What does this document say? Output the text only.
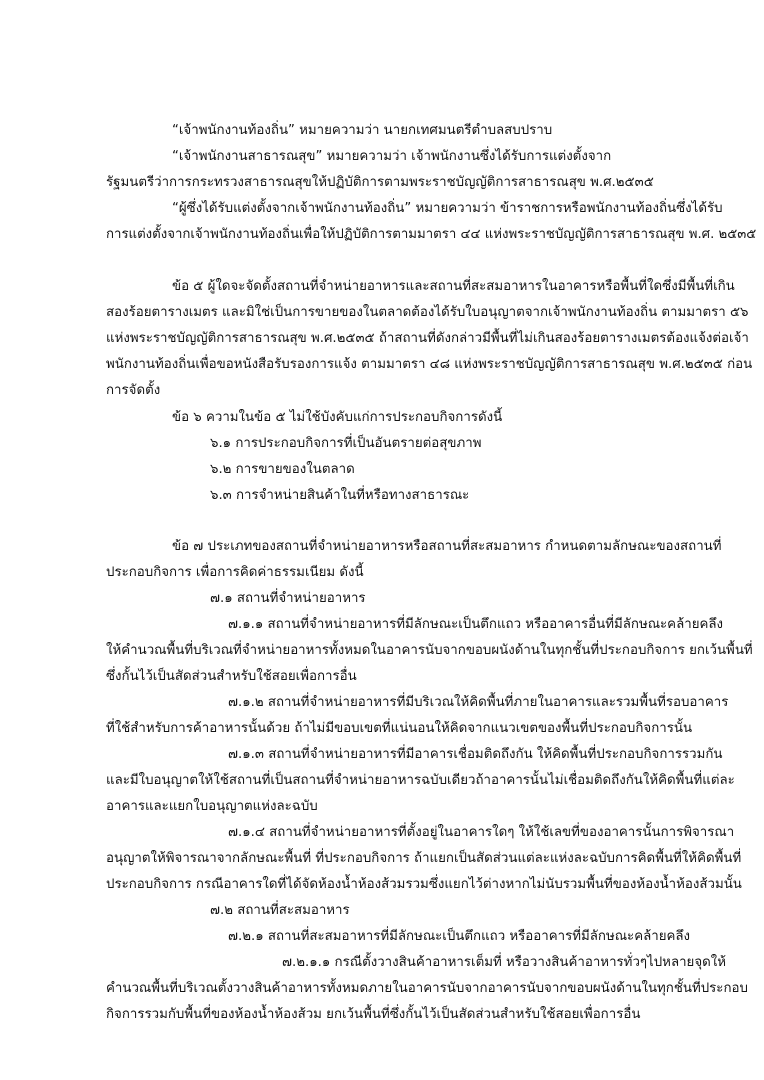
“เจ้าพนักงานท้องถิ่น” หมายความว่า นายกเทศมนตรีตำบลสบปราบ
“เจ้าพนักงานสาธารณสุข” หมายความว่า เจ้าพนักงานซึ่งได้รับการแต่งตั้งจาก
รัฐมนตรีว่าการกระทรวงสาธารณสุขให้ปฏิบัติการตามพระราชบัญญัติการสาธารณสุข พ.ศ.๒๕๓๕
“ผู้ซึ่งได้รับแต่งตั้งจากเจ้าพนักงานท้องถิ่น” หมายความว่า ข้าราชการหรือพนักงานท้องถิ่นซึ่งได้รับ
การแต่งตั้งจากเจ้าพนักงานท้องถิ่นเพื่อให้ปฏิบัติการตามมาตรา ๔๔ แห่งพระราชบัญญัติการสาธารณสุข พ.ศ. ๒๕๓๕
ข้อ ๕ ผู้ใดจะจัดตั้งสถานที่จำหน่ายอาหารและสถานที่สะสมอาหารในอาคารหรือพื้นที่ใดซึ่งมีพื้นที่เกิน
สองร้อยตารางเมตร และมิใช่เป็นการขายของในตลาดต้องได้รับใบอนุญาตจากเจ้าพนักงานท้องถิ่น ตามมาตรา ๕๖
แห่งพระราชบัญญัติการสาธารณสุข พ.ศ.๒๕๓๕ ถ้าสถานที่ดังกล่าวมีพื้นที่ไม่เกินสองร้อยตารางเมตรต้องแจ้งต่อเจ้า
พนักงานท้องถิ่นเพื่อขอหนังสือรับรองการแจ้ง ตามมาตรา ๔๘ แห่งพระราชบัญญัติการสาธารณสุข พ.ศ.๒๕๓๕ ก่อน
การจัดตั้ง
ข้อ ๖ ความในข้อ ๕ ไม่ใช้บังคับแก่การประกอบกิจการดังนี้
๖.๑ การประกอบกิจการที่เป็นอันตรายต่อสุขภาพ
๖.๒ การขายของในตลาด
๖.๓ การจำหน่ายสินค้าในที่หรือทางสาธารณะ
ข้อ ๗ ประเภทของสถานที่จำหน่ายอาหารหรือสถานที่สะสมอาหาร กำหนดตามลักษณะของสถานที่
ประกอบกิจการ เพื่อการคิดค่าธรรมเนียม ดังนี้
๗.๑ สถานที่จำหน่ายอาหาร
๗.๑.๑ สถานที่จำหน่ายอาหารที่มีลักษณะเป็นตึกแถว หรืออาคารอื่นที่มีลักษณะคล้ายคลึง
ให้คำนวณพื้นที่บริเวณที่จำหน่ายอาหารทั้งหมดในอาคารนับจากขอบผนังด้านในทุกชั้นที่ประกอบกิจการ ยกเว้นพื้นที่
ซึ่งกั้นไว้เป็นสัดส่วนสำหรับใช้สอยเพื่อการอื่น
๗.๑.๒ สถานที่จำหน่ายอาหารที่มีบริเวณให้คิดพื้นที่ภายในอาคารและรวมพื้นที่รอบอาคาร
ที่ใช้สำหรับการค้าอาหารนั้นด้วย ถ้าไม่มีขอบเขตที่แน่นอนให้คิดจากแนวเขตของพื้นที่ประกอบกิจการนั้น
๗.๑.๓ สถานที่จำหน่ายอาหารที่มีอาคารเชื่อมติดถึงกัน ให้คิดพื้นที่ประกอบกิจการรวมกัน
และมีใบอนุญาตให้ใช้สถานที่เป็นสถานที่จำหน่ายอาหารฉบับเดียวถ้าอาคารนั้นไม่เชื่อมติดถึงกันให้คิดพื้นที่แต่ละ
อาคารและแยกใบอนุญาตแห่งละฉบับ
๗.๑.๔ สถานที่จำหน่ายอาหารที่ตั้งอยู่ในอาคารใดๆ ให้ใช้เลขที่ของอาคารนั้นการพิจารณา
อนุญาตให้พิจารณาจากลักษณะพื้นที่ ที่ประกอบกิจการ ถ้าแยกเป็นสัดส่วนแต่ละแห่งละฉบับการคิดพื้นที่ให้คิดพื้นที่
ประกอบกิจการ กรณีอาคารใดที่ได้จัดห้องน้ำห้องส้วมรวมซึ่งแยกไว้ต่างหากไม่นับรวมพื้นที่ของห้องน้ำห้องส้วมนั้น
๗.๒ สถานที่สะสมอาหาร
๗.๒.๑ สถานที่สะสมอาหารที่มีลักษณะเป็นตึกแถว หรืออาคารที่มีลักษณะคล้ายคลึง
๗.๒.๑.๑ กรณีตั้งวางสินค้าอาหารเต็มที่ หรือวางสินค้าอาหารทั่วๆไปหลายจุดให้
คำนวณพื้นที่บริเวณตั้งวางสินค้าอาหารทั้งหมดภายในอาคารนับจากอาคารนับจากขอบผนังด้านในทุกชั้นที่ประกอบ
กิจการรวมกับพื้นที่ของห้องน้ำห้องส้วม ยกเว้นพื้นที่ซึ่งกั้นไว้เป็นสัดส่วนสำหรับใช้สอยเพื่อการอื่น
